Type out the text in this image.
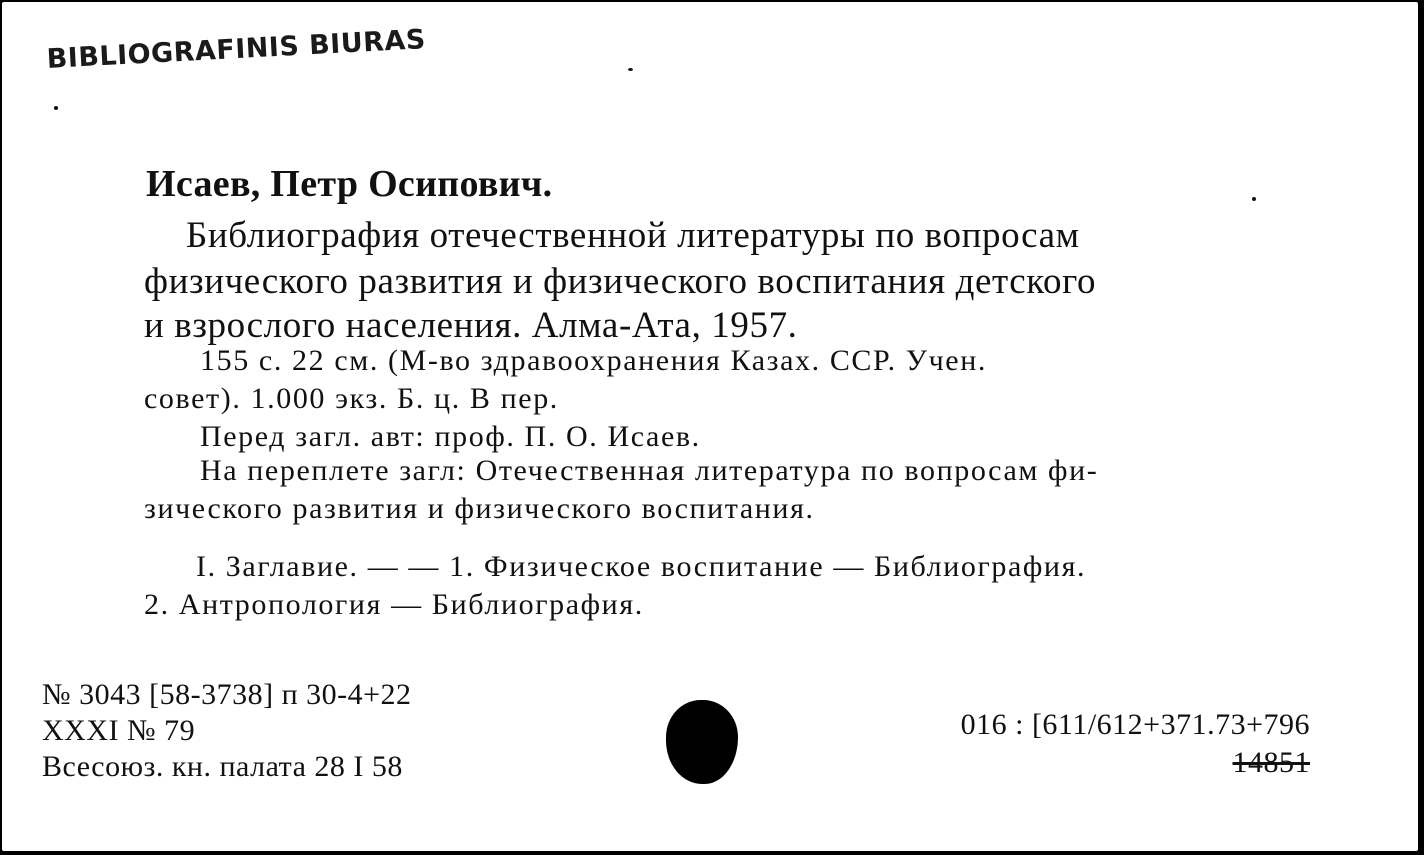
BIBLIOGRAFINIS BIURAS
Исаев, Петр Осипович.
Библиография отечественной литературы по вопросам
физического развития и физического воспитания детского
и взрослого населения. Алма-Ата, 1957.
155 с. 22 см. (М-во здравоохранения Казах. ССР. Учен.
совет). 1.000 экз. Б. ц. В пер.
Перед загл. авт: проф. П. О. Исаев.
На переплете загл: Отечественная литература по вопросам фи-
зического развития и физического воспитания.
I. Заглавие. — — 1. Физическое воспитание — Библиография.
2. Антропология — Библиография.
№ 3043 [58-3738] п 30-4+22
XXXI № 79
Всесоюз. кн. палата 28 I 58
016 : [611/612+371.73+796
14851
